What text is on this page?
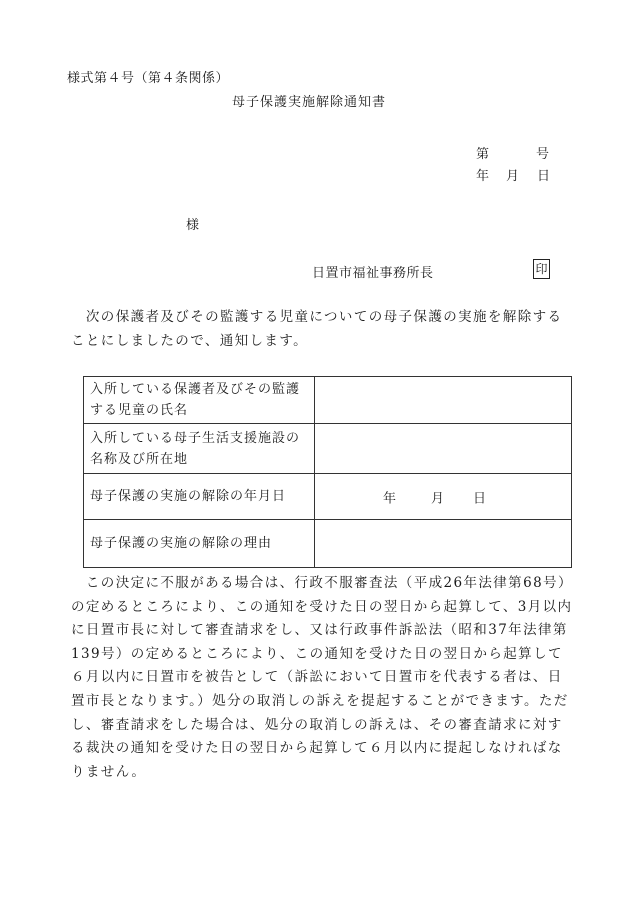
様式第４号（第４条関係）
母子保護実施解除通知書
第	号
年 月 日
様
日置市福祉事務所長	印
　次の保護者及びその監護する児童についての母子保護の実施を解除することにしましたので、通知します。
入所している保護者及びその監護する児童の氏名	
入所している母子生活支援施設の名称及び所在地	
母子保護の実施の解除の年月日	年 月 日

母子保護の実施の解除の理由	
　この決定に不服がある場合は、行政不服審査法（平成26年法律第68号）の定めるところにより、この通知を受けた日の翌日から起算して、3月以内に日置市長に対して審査請求をし、又は行政事件訴訟法（昭和37年法律第 139号）の定めるところにより、この通知を受けた日の翌日から起算して６月以内に日置市を被告として（訴訟において日置市を代表する者は、日置市長となります。）処分の取消しの訴えを提起することができます。ただし、審査請求をした場合は、処分の取消しの訴えは、その審査請求に対する裁決の通知を受けた日の翌日から起算して６月以内に提起しなければなりません。
